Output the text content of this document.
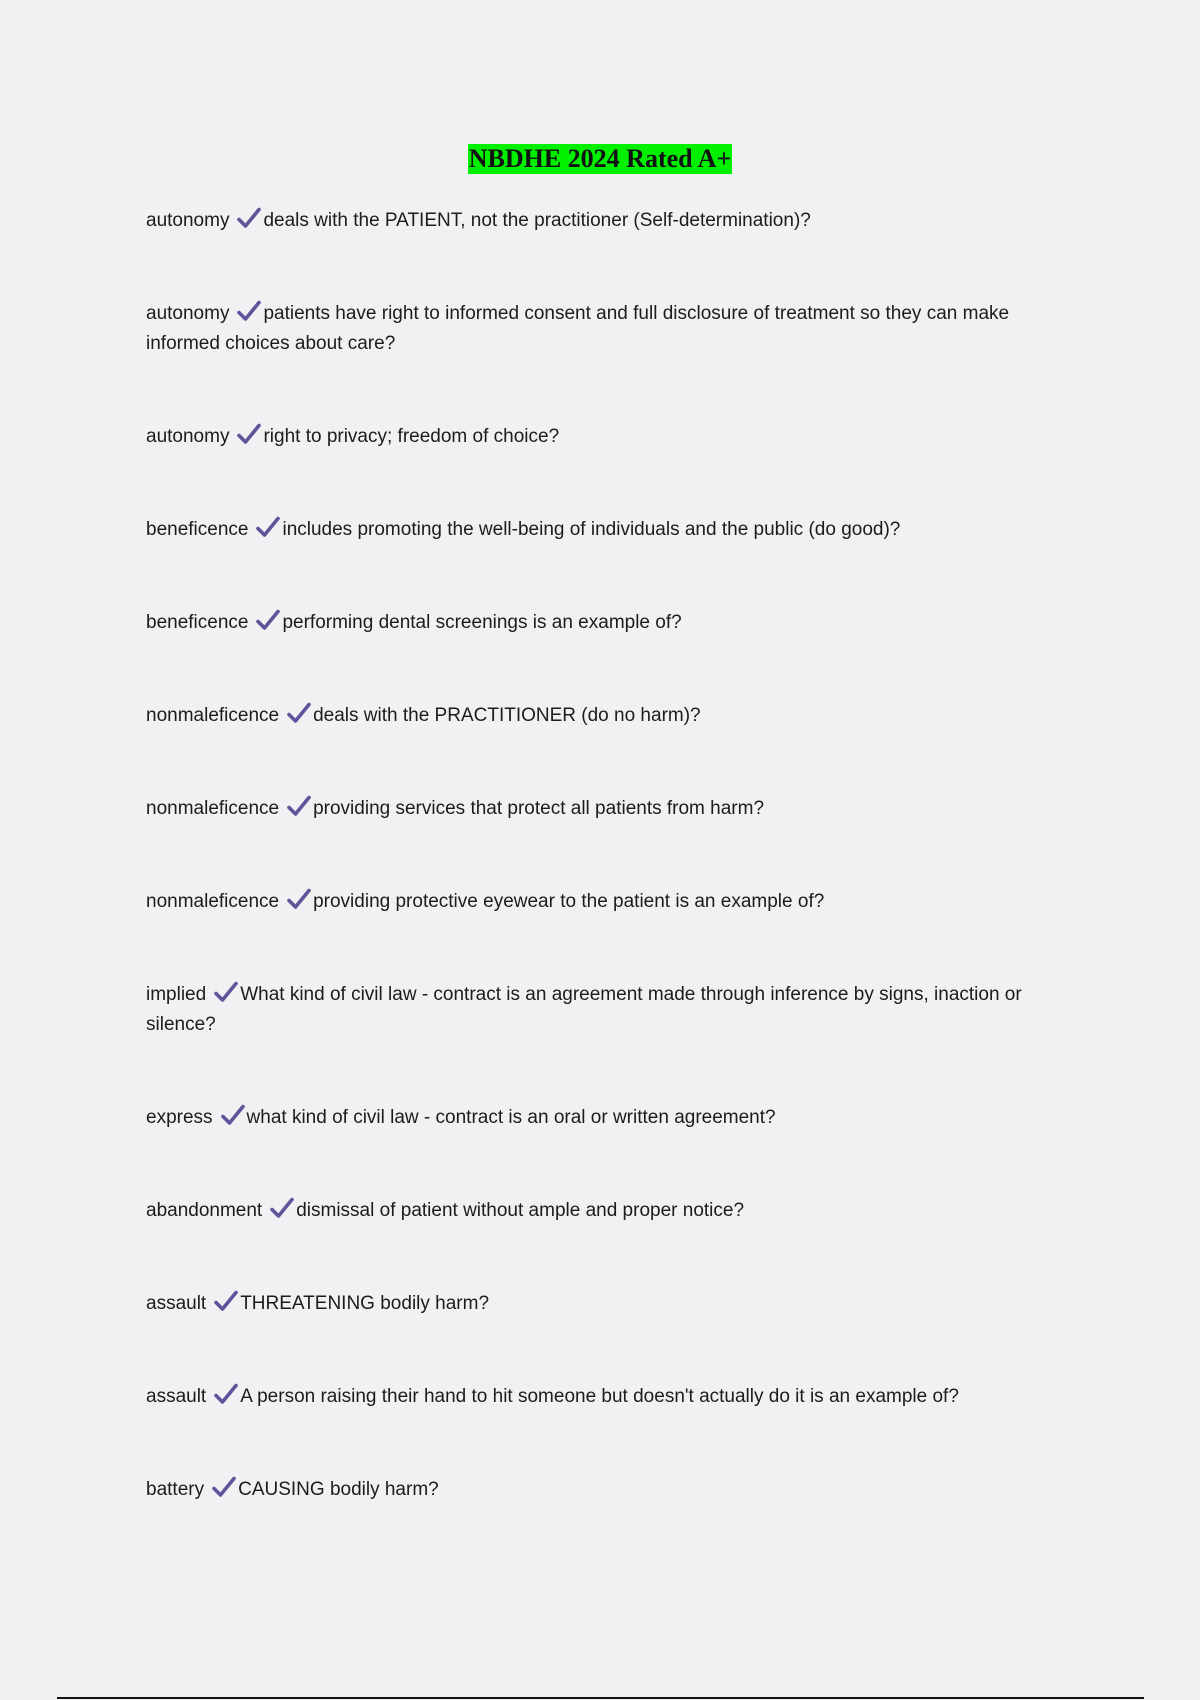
NBDHE 2024 Rated A+
autonomy deals with the PATIENT, not the practitioner (Self-determination)?
autonomy patients have right to informed consent and full disclosure of treatment so they can make informed choices about care?
autonomy right to privacy; freedom of choice?
beneficence includes promoting the well-being of individuals and the public (do good)?
beneficence performing dental screenings is an example of?
nonmaleficence deals with the PRACTITIONER (do no harm)?
nonmaleficence providing services that protect all patients from harm?
nonmaleficence providing protective eyewear to the patient is an example of?
implied What kind of civil law - contract is an agreement made through inference by signs, inaction or silence?
express what kind of civil law - contract is an oral or written agreement?
abandonment dismissal of patient without ample and proper notice?
assault THREATENING bodily harm?
assault A person raising their hand to hit someone but doesn't actually do it is an example of?
battery CAUSING bodily harm?
